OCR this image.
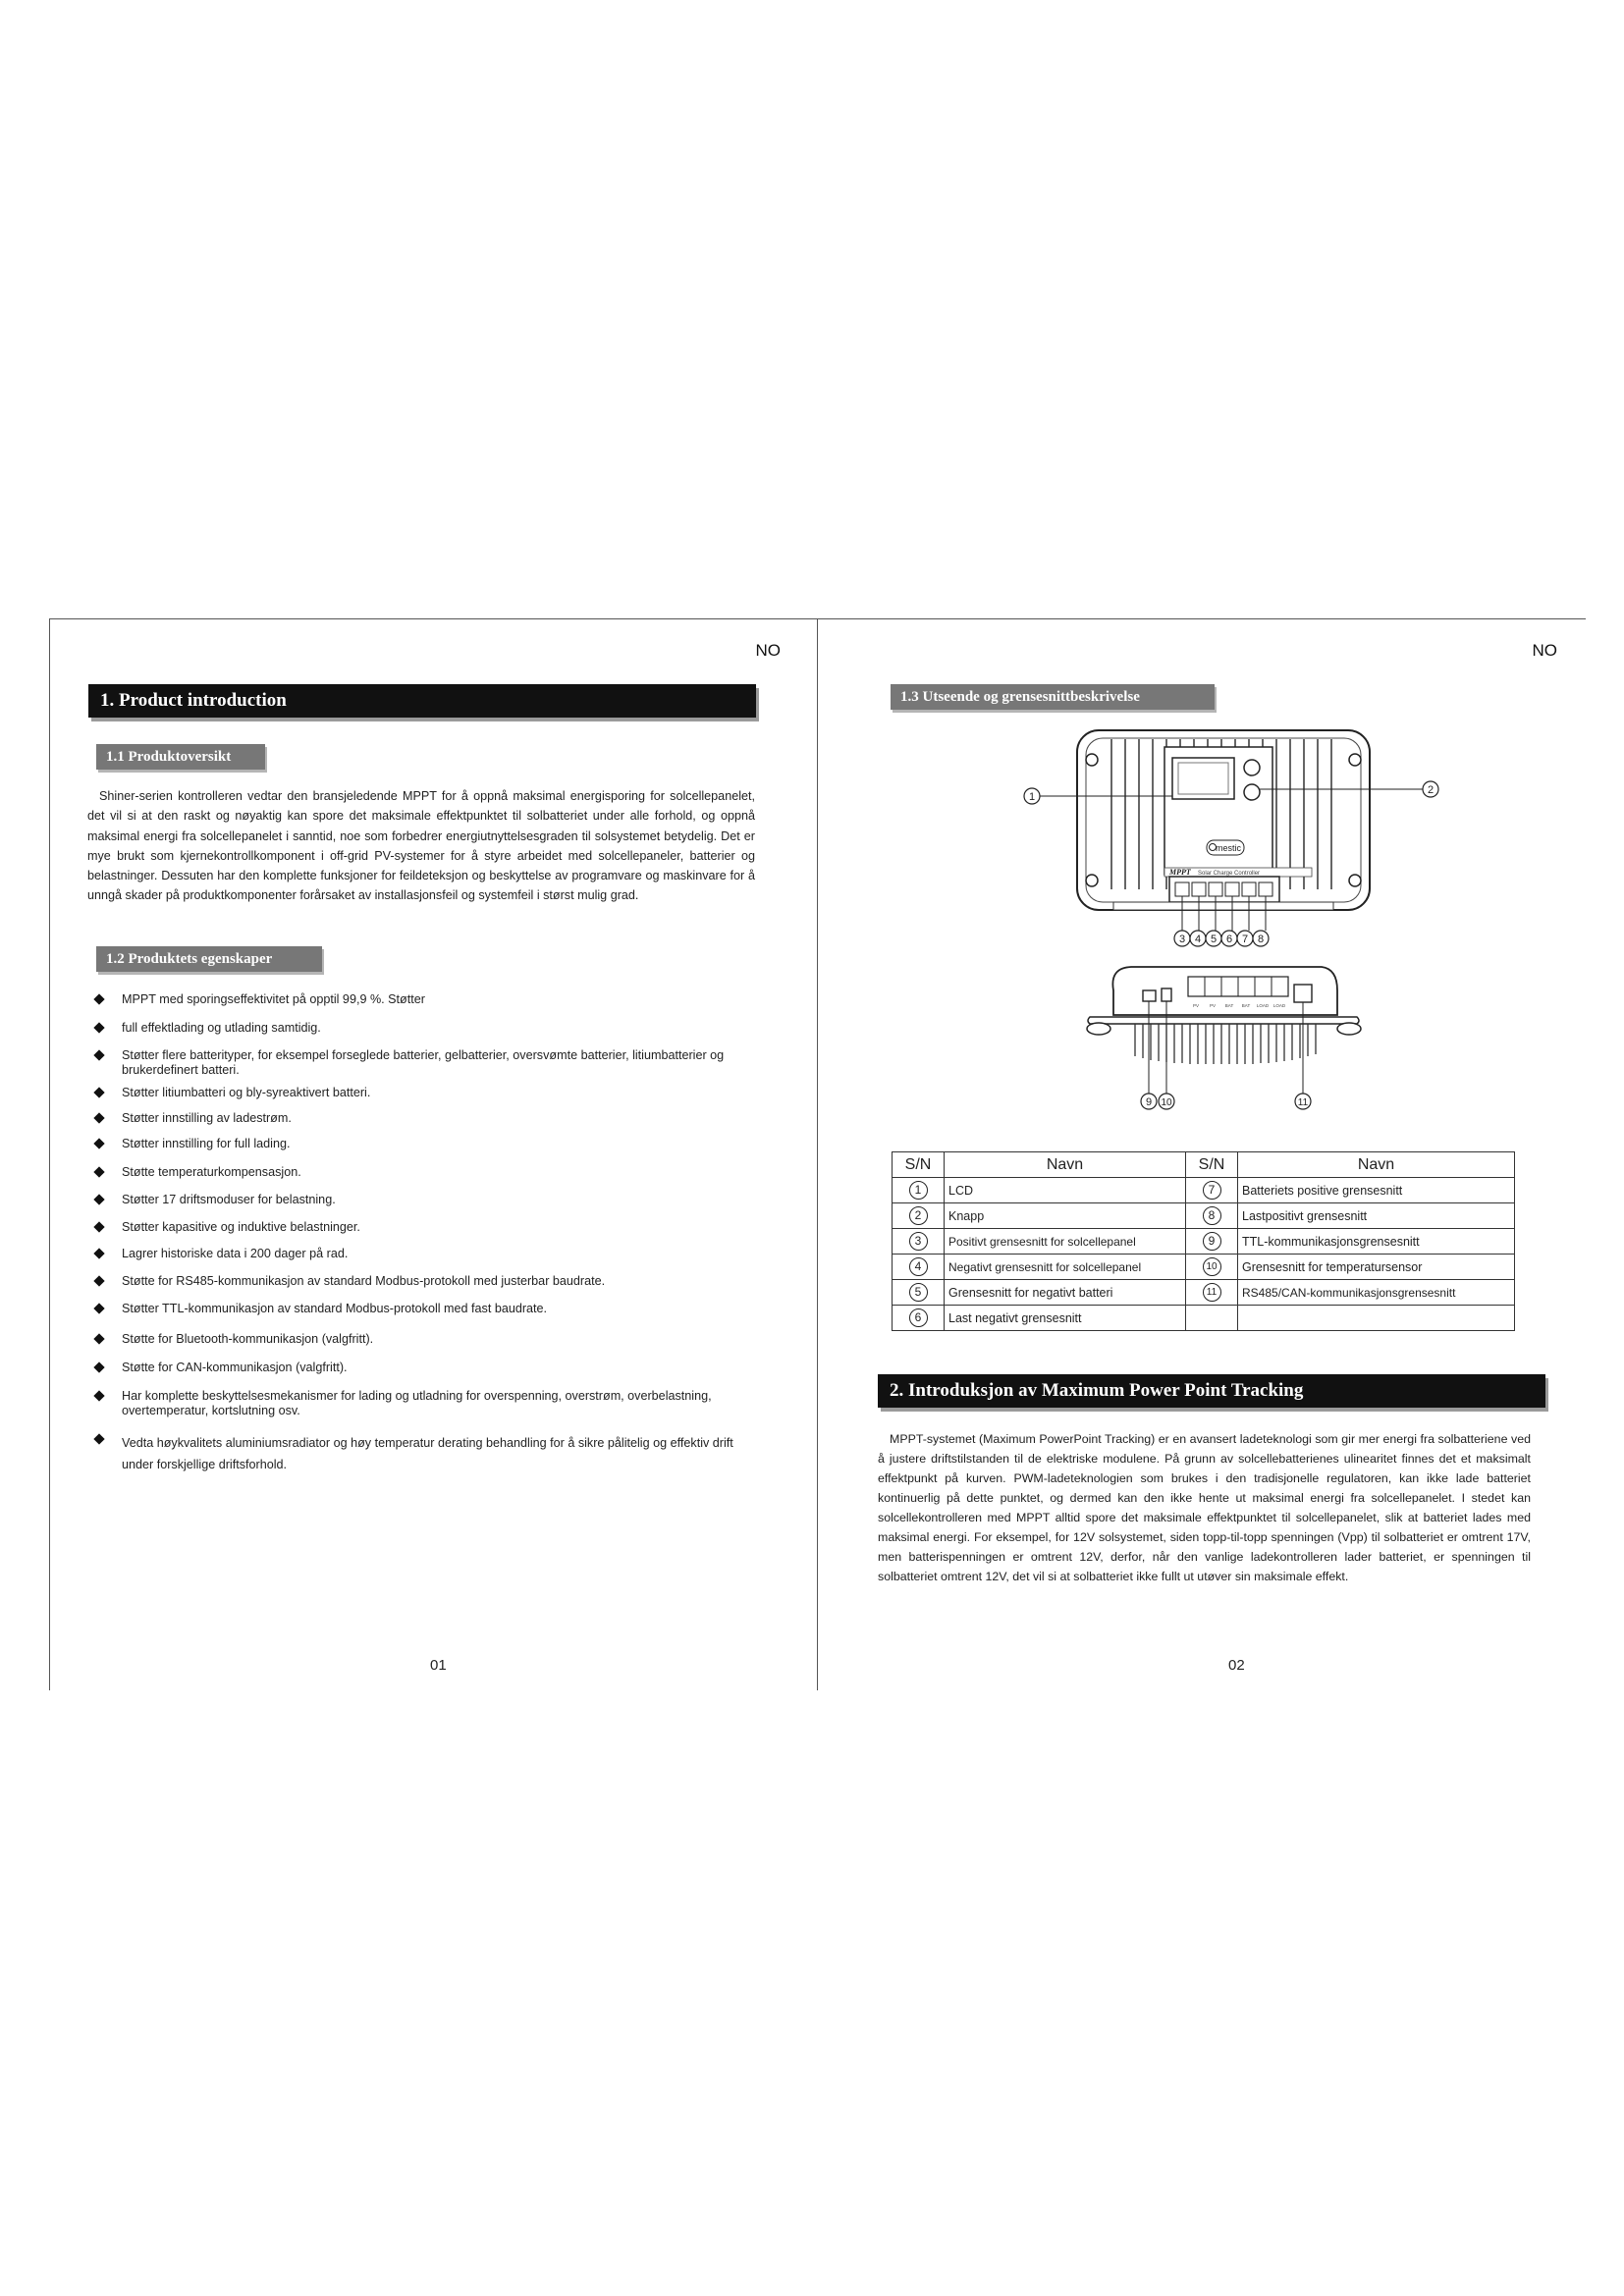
NO
1. Product introduction
1.1 Produktoversikt
Shiner-serien kontrolleren vedtar den bransjeledende MPPT for å oppnå maksimal energisporing for solcellepanelet, det vil si at den raskt og nøyaktig kan spore det maksimale effektpunktet til solbatteriet under alle forhold, og oppnå maksimal energi fra solcellepanelet i sanntid, noe som forbedrer energiutnyttelsesgraden til solsystemet betydelig. Det er mye brukt som kjernekontrollkomponent i off-grid PV-systemer for å styre arbeidet med solcellepaneler, batterier og belastninger. Dessuten har den komplette funksjoner for feildeteksjon og beskyttelse av programvare og maskinvare for å unngå skader på produktkomponenter forårsaket av installasjonsfeil og systemfeil i størst mulig grad.
1.2 Produktets egenskaper
MPPT med sporingseffektivitet på opptil 99,9 %. Støtter
full effektlading og utlading samtidig.
Støtter flere batterityper, for eksempel forseglede batterier, gelbatterier, oversvømte batterier, litiumbatterier og brukerdefinert batteri.
Støtter litiumbatteri og bly-syreaktivert batteri.
Støtter innstilling av ladestrøm.
Støtter innstilling for full lading.
Støtte temperaturkompensasjon.
Støtter 17 driftsmoduser for belastning.
Støtter kapasitive og induktive belastninger.
Lagrer historiske data i 200 dager på rad.
Støtte for RS485-kommunikasjon av standard Modbus-protokoll med justerbar baudrate.
Støtter TTL-kommunikasjon av standard Modbus-protokoll med fast baudrate.
Støtte for Bluetooth-kommunikasjon (valgfritt).
Støtte for CAN-kommunikasjon (valgfritt).
Har komplette beskyttelsesmekanismer for lading og utladning for overspenning, overstrøm, overbelastning, overtemperatur, kortslutning osv.
Vedta høykvalitets aluminiumsradiator og høy temperatur derating behandling for å sikre pålitelig og effektiv drift under forskjellige driftsforhold.
01
NO
1.3 Utseende og grensesnittbeskrivelse
1
2
3 4 5 6 7 8
9 10	11
mestic
MPPT Solar Charge Controller
PV PV BAT BAT LOAD LOAD
S/N	Navn	S/N	Navn
1	LCD	7	Batteriets positive grensesnitt
2	Knapp	8	Lastpositivt grensesnitt
3	Positivt grensesnitt for solcellepanel	9	TTL-kommunikasjonsgrensesnitt
4	Negativt grensesnitt for solcellepanel	10	Grensesnitt for temperatursensor
5	Grensesnitt for negativt batteri	11	RS485/CAN-kommunikasjonsgrensesnitt
6	Last negativt grensesnitt		
2. Introduksjon av Maximum Power Point Tracking
MPPT-systemet (Maximum PowerPoint Tracking) er en avansert ladeteknologi som gir mer energi fra solbatteriene ved å justere driftstilstanden til de elektriske modulene. På grunn av solcellebatterienes ulinearitet finnes det et maksimalt effektpunkt på kurven. PWM-ladeteknologien som brukes i den tradisjonelle regulatoren, kan ikke lade batteriet kontinuerlig på dette punktet, og dermed kan den ikke hente ut maksimal energi fra solcellepanelet. I stedet kan solcellekontrolleren med MPPT alltid spore det maksimale effektpunktet til solcellepanelet, slik at batteriet lades med maksimal energi. For eksempel, for 12V solsystemet, siden topp-til-topp spenningen (Vpp) til solbatteriet er omtrent 17V, men batterispenningen er omtrent 12V, derfor, når den vanlige ladekontrolleren lader batteriet, er spenningen til solbatteriet omtrent 12V, det vil si at solbatteriet ikke fullt ut utøver sin maksimale effekt.
02
